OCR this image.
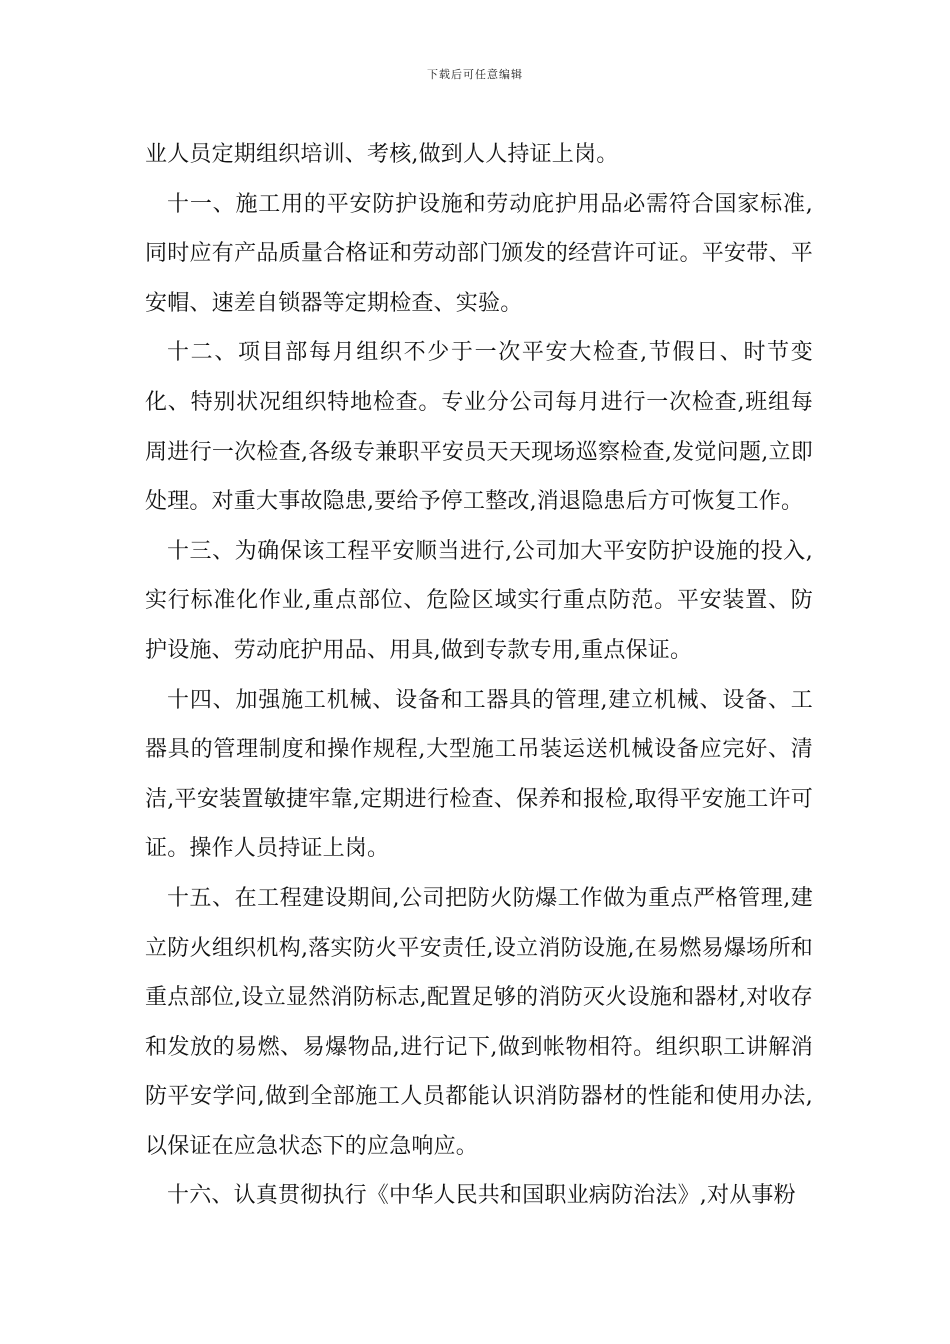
下载后可任意编辑

业人员定期组织培训、考核,做到人人持证上岗。

十一、施工用的平安防护设施和劳动庇护用品必需符合国家标准,同时应有产品质量合格证和劳动部门颁发的经营许可证。平安带、平安帽、速差自锁器等定期检查、实验。

十二、项目部每月组织不少于一次平安大检查,节假日、时节变化、特别状况组织特地检查。专业分公司每月进行一次检查,班组每周进行一次检查,各级专兼职平安员天天现场巡察检查,发觉问题,立即处理。对重大事故隐患,要给予停工整改,消退隐患后方可恢复工作。

十三、为确保该工程平安顺当进行,公司加大平安防护设施的投入,实行标准化作业,重点部位、危险区域实行重点防范。平安装置、防护设施、劳动庇护用品、用具,做到专款专用,重点保证。

十四、加强施工机械、设备和工器具的管理,建立机械、设备、工器具的管理制度和操作规程,大型施工吊装运送机械设备应完好、清洁,平安装置敏捷牢靠,定期进行检查、保养和报检,取得平安施工许可证。操作人员持证上岗。

十五、在工程建设期间,公司把防火防爆工作做为重点严格管理,建立防火组织机构,落实防火平安责任,设立消防设施,在易燃易爆场所和重点部位,设立显然消防标志,配置足够的消防灭火设施和器材,对收存和发放的易燃、易爆物品,进行记下,做到帐物相符。组织职工讲解消防平安学问,做到全部施工人员都能认识消防器材的性能和使用办法,以保证在应急状态下的应急响应。

十六、认真贯彻执行《中华人民共和国职业病防治法》,对从事粉
